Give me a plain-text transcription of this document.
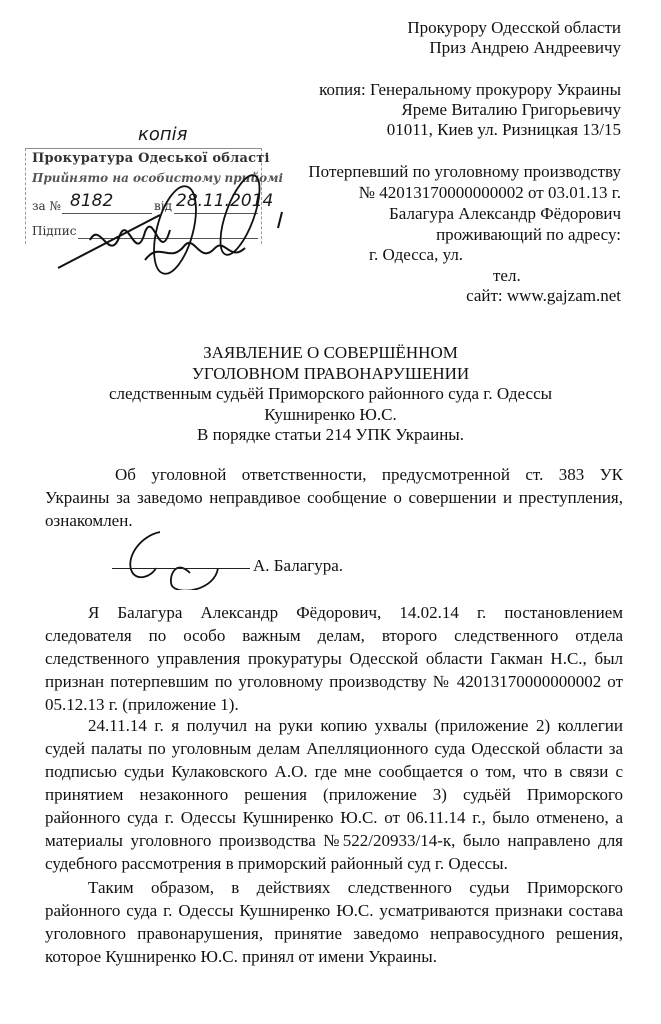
Прокурору Одесской области
Приз Андрею Андреевичу
копия: Генеральному прокурору Украины
Яреме Виталию Григорьевичу
01011, Киев ул. Ризницкая 13/15
Потерпевший по уголовному производству
№ 42013170000000002 от 03.01.13 г.
Балагура Александр Фёдорович
проживающий по адресу:
г. Одесса, ул.
тел.
сайт: www.gajzam.net
копія
Прокуратура Одеської області
Прийнято на особистому прийомі
за № 8182	від 28.11.2014
Підпис
ЗАЯВЛЕНИЕ О СОВЕРШЁННОМ
УГОЛОВНОМ ПРАВОНАРУШЕНИИ
следственным судьёй Приморского районного суда г. Одессы
Кушниренко Ю.С.
В порядке статьи 214 УПК Украины.
Об уголовной ответственности, предусмотренной ст. 383 УК Украины за заведомо неправдивое сообщение о совершении и преступления, ознакомлен.
А. Балагура.
Я Балагура Александр Фёдорович, 14.02.14 г. постановлением следователя по особо важным делам, второго следственного отдела следственного управления прокуратуры Одесской области Гакман Н.С., был признан потерпевшим по уголовному производству № 42013170000000002 от 05.12.13 г. (приложение 1).
24.11.14 г. я получил на руки копию ухвалы (приложение 2) коллегии судей палаты по уголовным делам Апелляционного суда Одесской области за подписью судьи Кулаковского А.О. где мне сообщается о том, что в связи с принятием незаконного решения (приложение 3) судьёй Приморского районного суда г. Одессы Кушниренко Ю.С. от 06.11.14 г., было отменено, а материалы уголовного производства №522/20933/14-к, было направлено для судебного рассмотрения в приморский районный суд г. Одессы.
Таким образом, в действиях следственного судьи Приморского районного суда г. Одессы Кушниренко Ю.С. усматриваются признаки состава уголовного правонарушения, принятие заведомо неправосудного решения, которое Кушниренко Ю.С. принял от имени Украины.
